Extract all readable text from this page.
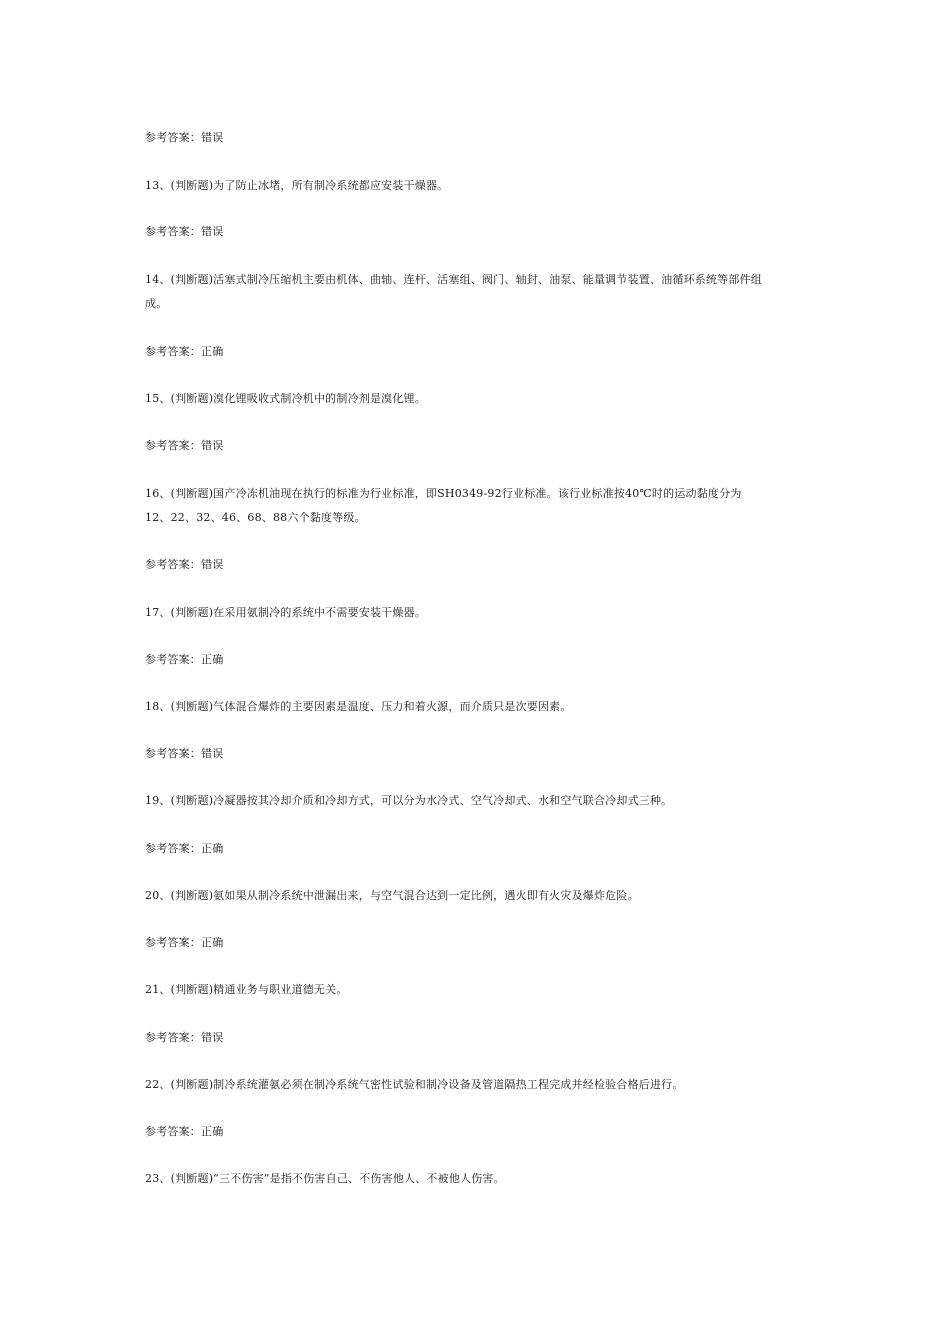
参考答案：错误
13、(判断题)为了防止冰堵，所有制冷系统都应安装干燥器。
参考答案：错误
14、(判断题)活塞式制冷压缩机主要由机体、曲轴、连杆、活塞组、阀门、轴封、油泵、能量调节装置、油循环系统等部件组
成。
参考答案：正确
15、(判断题)溴化锂吸收式制冷机中的制冷剂是溴化锂。
参考答案：错误
16、(判断题)国产冷冻机油现在执行的标准为行业标准，即SH0349-92行业标准。该行业标准按40℃时的运动黏度分为
12、22、32、46、68、88六个黏度等级。
参考答案：错误
17、(判断题)在采用氨制冷的系统中不需要安装干燥器。
参考答案：正确
18、(判断题)气体混合爆炸的主要因素是温度、压力和着火源，而介质只是次要因素。
参考答案：错误
19、(判断题)冷凝器按其冷却介质和冷却方式，可以分为水冷式、空气冷却式、水和空气联合冷却式三种。
参考答案：正确
20、(判断题)氨如果从制冷系统中泄漏出来，与空气混合达到一定比例，遇火即有火灾及爆炸危险。
参考答案：正确
21、(判断题)精通业务与职业道德无关。
参考答案：错误
22、(判断题)制冷系统灌氨必须在制冷系统气密性试验和制冷设备及管道隔热工程完成并经检验合格后进行。
参考答案：正确
23、(判断题)“三不伤害”是指不伤害自己、不伤害他人、不被他人伤害。
